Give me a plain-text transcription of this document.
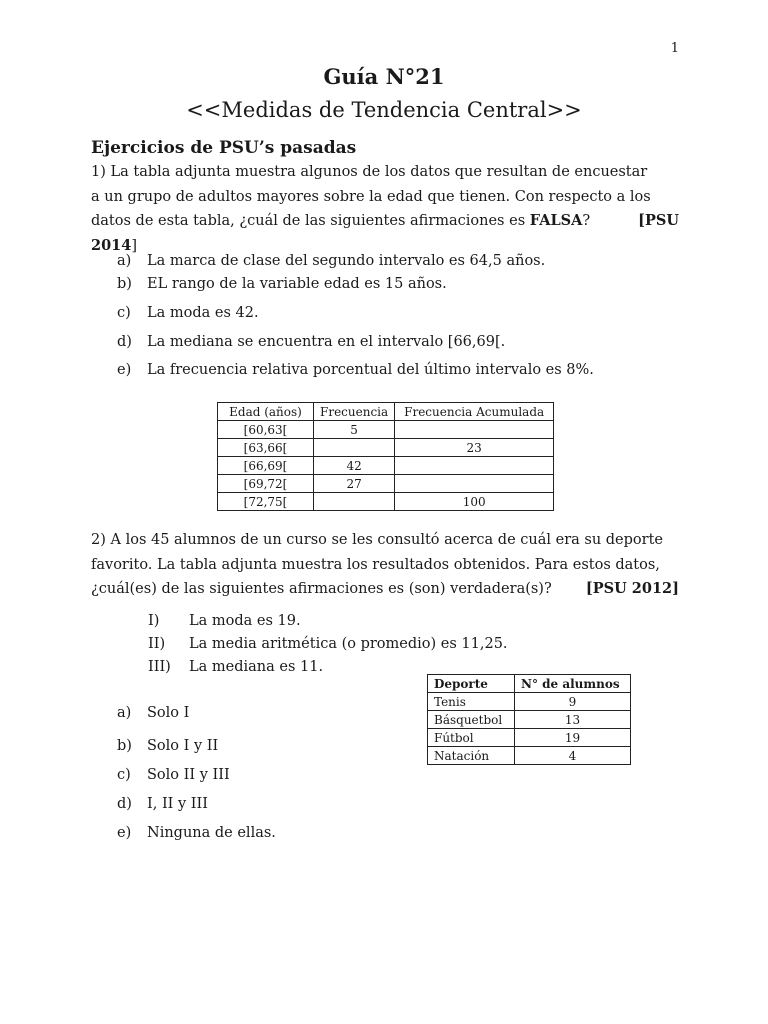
1
Guía N°21
<<Medidas de Tendencia Central>>
Ejercicios de PSU’s pasadas
1) La tabla adjunta muestra algunos de los datos que resultan de encuestar
a un grupo de adultos mayores sobre la edad que tienen. Con respecto a los
datos de esta tabla, ¿cuál de las siguientes afirmaciones es FALSA?	[PSU
2014]
a) La marca de clase del segundo intervalo es 64,5 años.
b) EL rango de la variable edad es 15 años.
c) La moda es 42.
d) La mediana se encuentra en el intervalo [66,69[.
e) La frecuencia relativa porcentual del último intervalo es 8%.
Edad (años)	Frecuencia	Frecuencia Acumulada
[60,63[	5	
[63,66[		23
[66,69[	42	
[69,72[	27	
[72,75[		100
2) A los 45 alumnos de un curso se les consultó acerca de cuál era su deporte
favorito. La tabla adjunta muestra los resultados obtenidos. Para estos datos,
¿cuál(es) de las siguientes afirmaciones es (son) verdadera(s)? [PSU 2012]
I) La moda es 19.
II) La media aritmética (o promedio) es 11,25.
III) La mediana es 11.
Deporte	N° de alumnos
Tenis	9
Básquetbol	13
Fútbol	19
Natación	4
a) Solo I
b) Solo I y II
c) Solo II y III
d) I, II y III
e) Ninguna de ellas.
